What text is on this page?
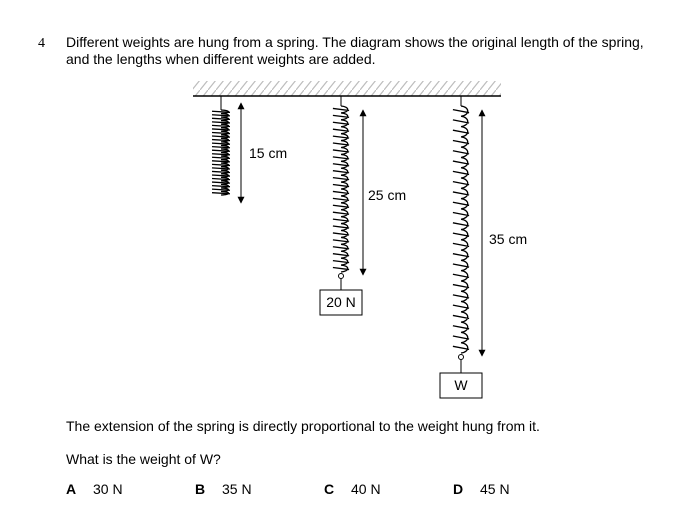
4 Different weights are hung from a spring. The diagram shows the original length of the spring,
and the lengths when different weights are added.
15 cm
25 cm
35 cm
20 N
W
The extension of the spring is directly proportional to the weight hung from it.
What is the weight of W?
A 30 N	B 35 N	C 40 N	D 45 N
